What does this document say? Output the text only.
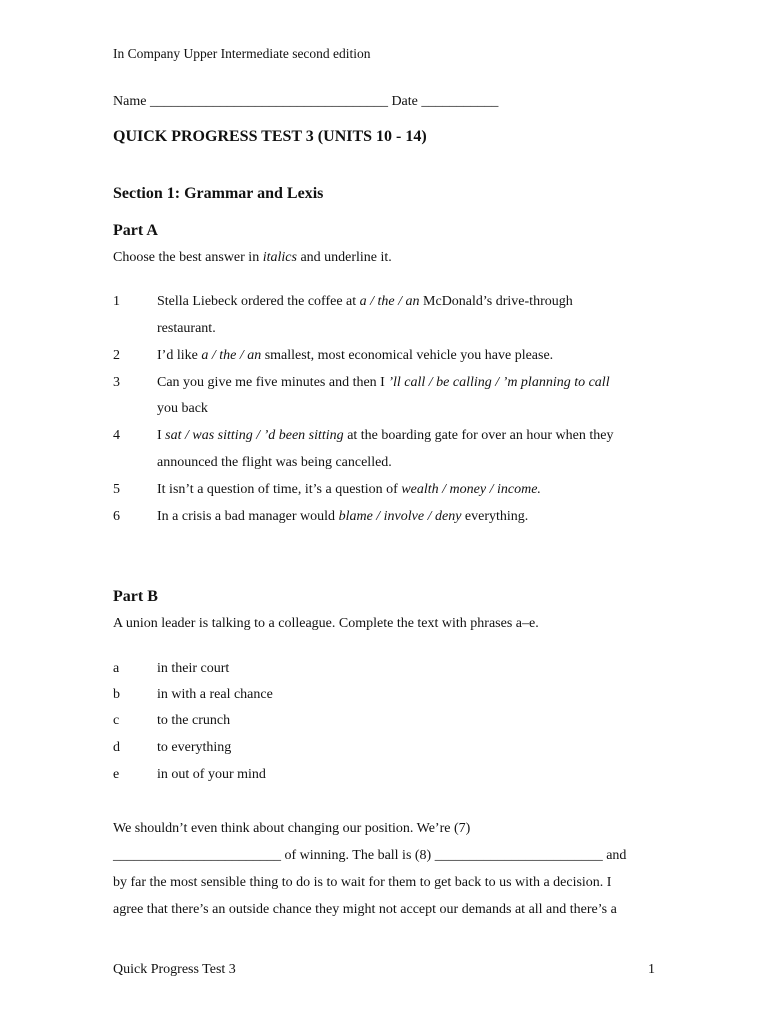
In Company Upper Intermediate second edition
Name __________________________________ Date ___________
QUICK PROGRESS TEST 3 (UNITS 10 - 14)
Section 1: Grammar and Lexis
Part A
Choose the best answer in italics and underline it.
1	Stella Liebeck ordered the coffee at a / the / an McDonald’s drive-through
restaurant.
2	I’d like a / the / an smallest, most economical vehicle you have please.
3	Can you give me five minutes and then I ’ll call / be calling / ’m planning to call
you back
4	I sat / was sitting / ’d been sitting at the boarding gate for over an hour when they
announced the flight was being cancelled.
5	It isn’t a question of time, it’s a question of wealth / money / income.
6	In a crisis a bad manager would blame / involve / deny everything.
Part B
A union leader is talking to a colleague. Complete the text with phrases a–e.
a	in their court
b	in with a real chance
c	to the crunch
d	to everything
e	in out of your mind
We shouldn’t even think about changing our position. We’re (7)
________________________ of winning. The ball is (8) ________________________ and
by far the most sensible thing to do is to wait for them to get back to us with a decision. I
agree that there’s an outside chance they might not accept our demands at all and there’s a
Quick Progress Test 3	1
